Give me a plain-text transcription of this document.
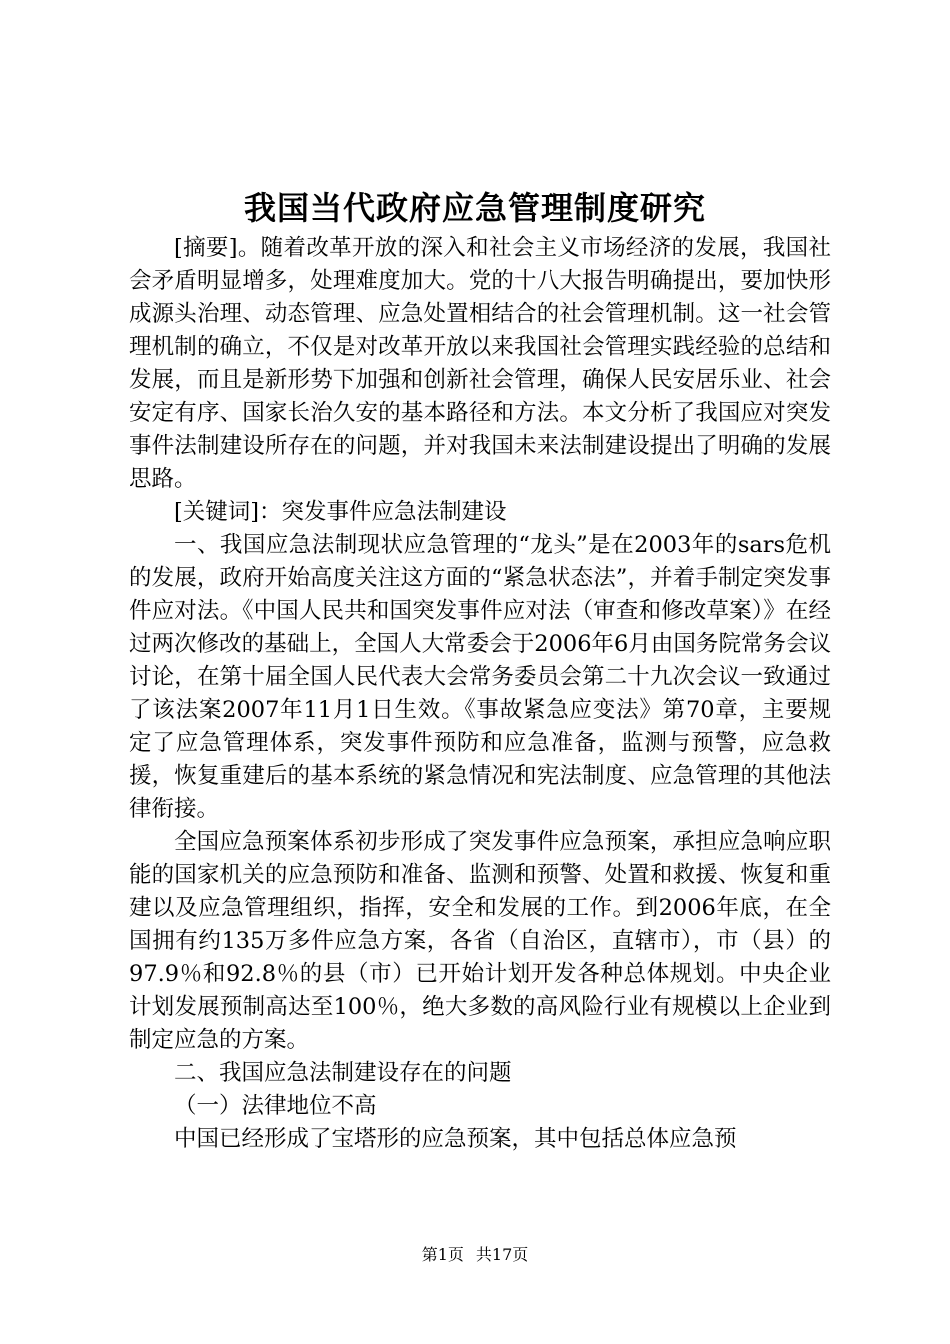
我国当代政府应急管理制度研究

[摘要]。随着改革开放的深入和社会主义市场经济的发展，我国社会矛盾明显增多，处理难度加大。党的十八大报告明确提出，要加快形成源头治理、动态管理、应急处置相结合的社会管理机制。这一社会管理机制的确立，不仅是对改革开放以来我国社会管理实践经验的总结和发展，而且是新形势下加强和创新社会管理，确保人民安居乐业、社会安定有序、国家长治久安的基本路径和方法。本文分析了我国应对突发事件法制建设所存在的问题，并对我国未来法制建设提出了明确的发展思路。

[关键词]：突发事件应急法制建设

一、我国应急法制现状应急管理的“龙头”是在2003年的sars危机的发展，政府开始高度关注这方面的“紧急状态法”，并着手制定突发事件应对法。《中国人民共和国突发事件应对法（审查和修改草案）》在经过两次修改的基础上，全国人大常委会于2006年6月由国务院常务会议讨论，在第十届全国人民代表大会常务委员会第二十九次会议一致通过了该法案2007年11月1日生效。《事故紧急应变法》第70章，主要规定了应急管理体系，突发事件预防和应急准备，监测与预警，应急救援，恢复重建后的基本系统的紧急情况和宪法制度、应急管理的其他法律衔接。

全国应急预案体系初步形成了突发事件应急预案，承担应急响应职能的国家机关的应急预防和准备、监测和预警、处置和救援、恢复和重建以及应急管理组织，指挥，安全和发展的工作。到2006年底，在全国拥有约135万多件应急方案，各省（自治区，直辖市），市（县）的97.9％和92.8％的县（市）已开始计划开发各种总体规划。中央企业计划发展预制高达至100％，绝大多数的高风险行业有规模以上企业到制定应急的方案。

二、我国应急法制建设存在的问题

（一）法律地位不高

中国已经形成了宝塔形的应急预案，其中包括总体应急预

第1页 共17页
